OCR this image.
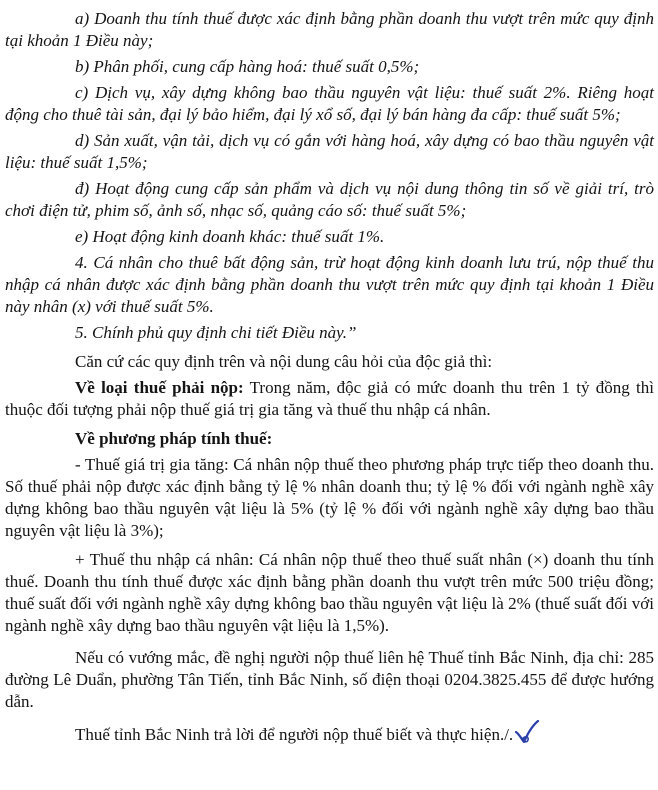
a) Doanh thu tính thuế được xác định bằng phần doanh thu vượt trên mức quy định tại khoản 1 Điều này;

b) Phân phối, cung cấp hàng hoá: thuế suất 0,5%;

c) Dịch vụ, xây dựng không bao thầu nguyên vật liệu: thuế suất 2%. Riêng hoạt động cho thuê tài sản, đại lý bảo hiểm, đại lý xổ số, đại lý bán hàng đa cấp: thuế suất 5%;

d) Sản xuất, vận tải, dịch vụ có gắn với hàng hoá, xây dựng có bao thầu nguyên vật liệu: thuế suất 1,5%;

đ) Hoạt động cung cấp sản phẩm và dịch vụ nội dung thông tin số về giải trí, trò chơi điện tử, phim số, ảnh số, nhạc số, quảng cáo số: thuế suất 5%;

e) Hoạt động kinh doanh khác: thuế suất 1%.

4. Cá nhân cho thuê bất động sản, trừ hoạt động kinh doanh lưu trú, nộp thuế thu nhập cá nhân được xác định bằng phần doanh thu vượt trên mức quy định tại khoản 1 Điều này nhân (x) với thuế suất 5%.

5. Chính phủ quy định chi tiết Điều này.”

Căn cứ các quy định trên và nội dung câu hỏi của độc giả thì:

Về loại thuế phải nộp: Trong năm, độc giả có mức doanh thu trên 1 tỷ đồng thì thuộc đối tượng phải nộp thuế giá trị gia tăng và thuế thu nhập cá nhân.

Về phương pháp tính thuế:

- Thuế giá trị gia tăng: Cá nhân nộp thuế theo phương pháp trực tiếp theo doanh thu. Số thuế phải nộp được xác định bằng tỷ lệ % nhân doanh thu; tỷ lệ % đối với ngành nghề xây dựng không bao thầu nguyên vật liệu là 5% (tỷ lệ % đối với ngành nghề xây dựng bao thầu nguyên vật liệu là 3%);

+ Thuế thu nhập cá nhân: Cá nhân nộp thuế theo thuế suất nhân (×) doanh thu tính thuế. Doanh thu tính thuế được xác định bằng phần doanh thu vượt trên mức 500 triệu đồng; thuế suất đối với ngành nghề xây dựng không bao thầu nguyên vật liệu là 2% (thuế suất đối với ngành nghề xây dựng bao thầu nguyên vật liệu là 1,5%).

Nếu có vướng mắc, đề nghị người nộp thuế liên hệ Thuế tỉnh Bắc Ninh, địa chỉ: 285 đường Lê Duẩn, phường Tân Tiến, tỉnh Bắc Ninh, số điện thoại 0204.3825.455 để được hướng dẫn.

Thuế tỉnh Bắc Ninh trả lời để người nộp thuế biết và thực hiện./.
